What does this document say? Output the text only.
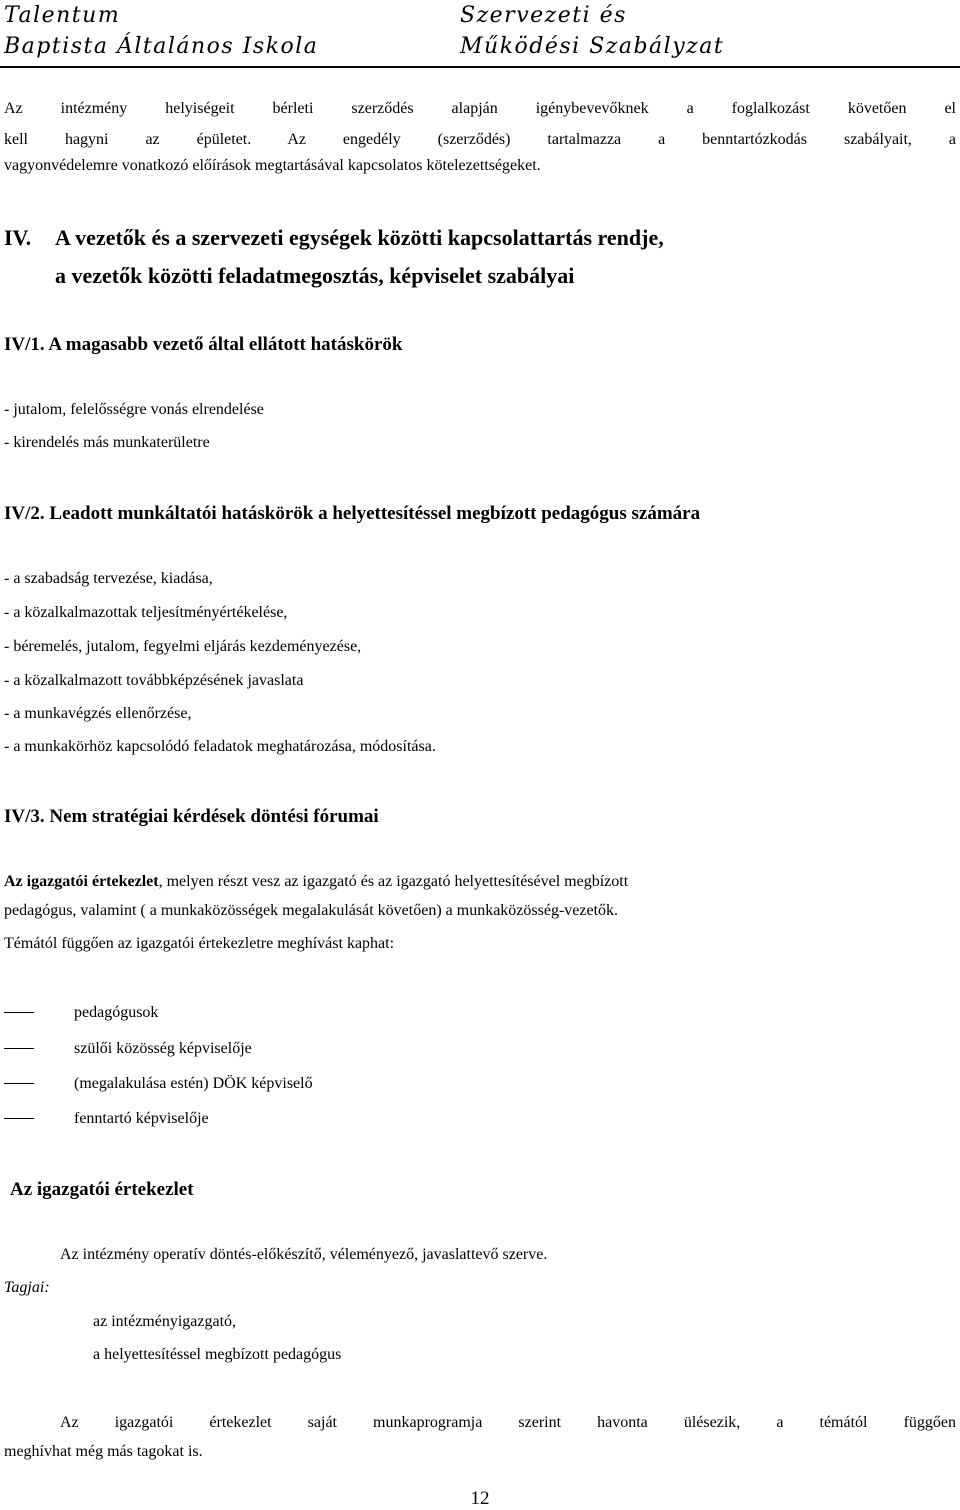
Talentum
Baptista Általános Iskola
Szervezeti és
Működési Szabályzat
Az intézmény helyiségeit bérleti szerződés alapján igénybevevőknek a foglalkozást követően el
kell hagyni az épületet. Az engedély (szerződés) tartalmazza a benntartózkodás szabályait, a
vagyonvédelemre vonatkozó előírások megtartásával kapcsolatos kötelezettségeket.
IV. A vezetők és a szervezeti egységek közötti kapcsolattartás rendje,
a vezetők közötti feladatmegosztás, képviselet szabályai
IV/1. A magasabb vezető által ellátott hatáskörök
- jutalom, felelősségre vonás elrendelése
- kirendelés más munkaterületre
IV/2. Leadott munkáltatói hatáskörök a helyettesítéssel megbízott pedagógus számára
- a szabadság tervezése, kiadása,
- a közalkalmazottak teljesítményértékelése,
- béremelés, jutalom, fegyelmi eljárás kezdeményezése,
- a közalkalmazott továbbképzésének javaslata
- a munkavégzés ellenőrzése,
- a munkakörhöz kapcsolódó feladatok meghatározása, módosítása.
IV/3. Nem stratégiai kérdések döntési fórumai
Az igazgatói értekezlet, melyen részt vesz az igazgató és az igazgató helyettesítésével megbízott
pedagógus, valamint ( a munkaközösségek megalakulását követően) a munkaközösség-vezetők.
Témától függően az igazgatói értekezletre meghívást kaphat:
pedagógusok
szülői közösség képviselője
(megalakulása estén) DÖK képviselő
fenntartó képviselője
Az igazgatói értekezlet
Az intézmény operatív döntés-előkészítő, véleményező, javaslattevő szerve.
Tagjai:
az intézményigazgató,
a helyettesítéssel megbízott pedagógus
Az igazgatói értekezlet saját munkaprogramja szerint havonta ülésezik, a témától függően
meghívhat még más tagokat is.
12
